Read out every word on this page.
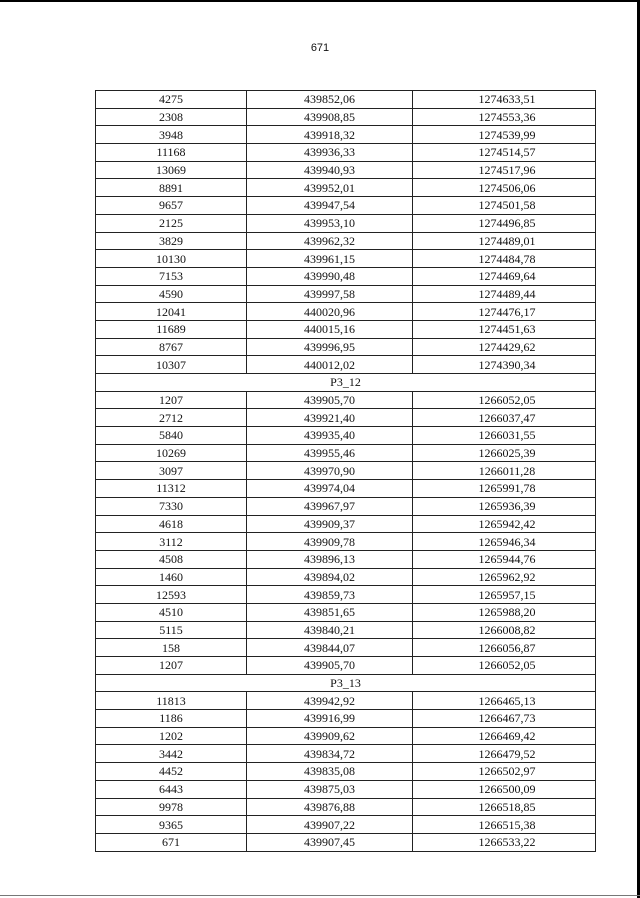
671
4275	439852,06	1274633,51
2308	439908,85	1274553,36
3948	439918,32	1274539,99
11168	439936,33	1274514,57
13069	439940,93	1274517,96
8891	439952,01	1274506,06
9657	439947,54	1274501,58
2125	439953,10	1274496,85
3829	439962,32	1274489,01
10130	439961,15	1274484,78
7153	439990,48	1274469,64
4590	439997,58	1274489,44
12041	440020,96	1274476,17
11689	440015,16	1274451,63
8767	439996,95	1274429,62
10307	440012,02	1274390,34
Р3_12		
1207	439905,70	1266052,05
2712	439921,40	1266037,47
5840	439935,40	1266031,55
10269	439955,46	1266025,39
3097	439970,90	1266011,28
11312	439974,04	1265991,78
7330	439967,97	1265936,39
4618	439909,37	1265942,42
3112	439909,78	1265946,34
4508	439896,13	1265944,76
1460	439894,02	1265962,92
12593	439859,73	1265957,15
4510	439851,65	1265988,20
5115	439840,21	1266008,82
158	439844,07	1266056,87
1207	439905,70	1266052,05
Р3_13		
11813	439942,92	1266465,13
1186	439916,99	1266467,73
1202	439909,62	1266469,42
3442	439834,72	1266479,52
4452	439835,08	1266502,97
6443	439875,03	1266500,09
9978	439876,88	1266518,85
9365	439907,22	1266515,38
671	439907,45	1266533,22
